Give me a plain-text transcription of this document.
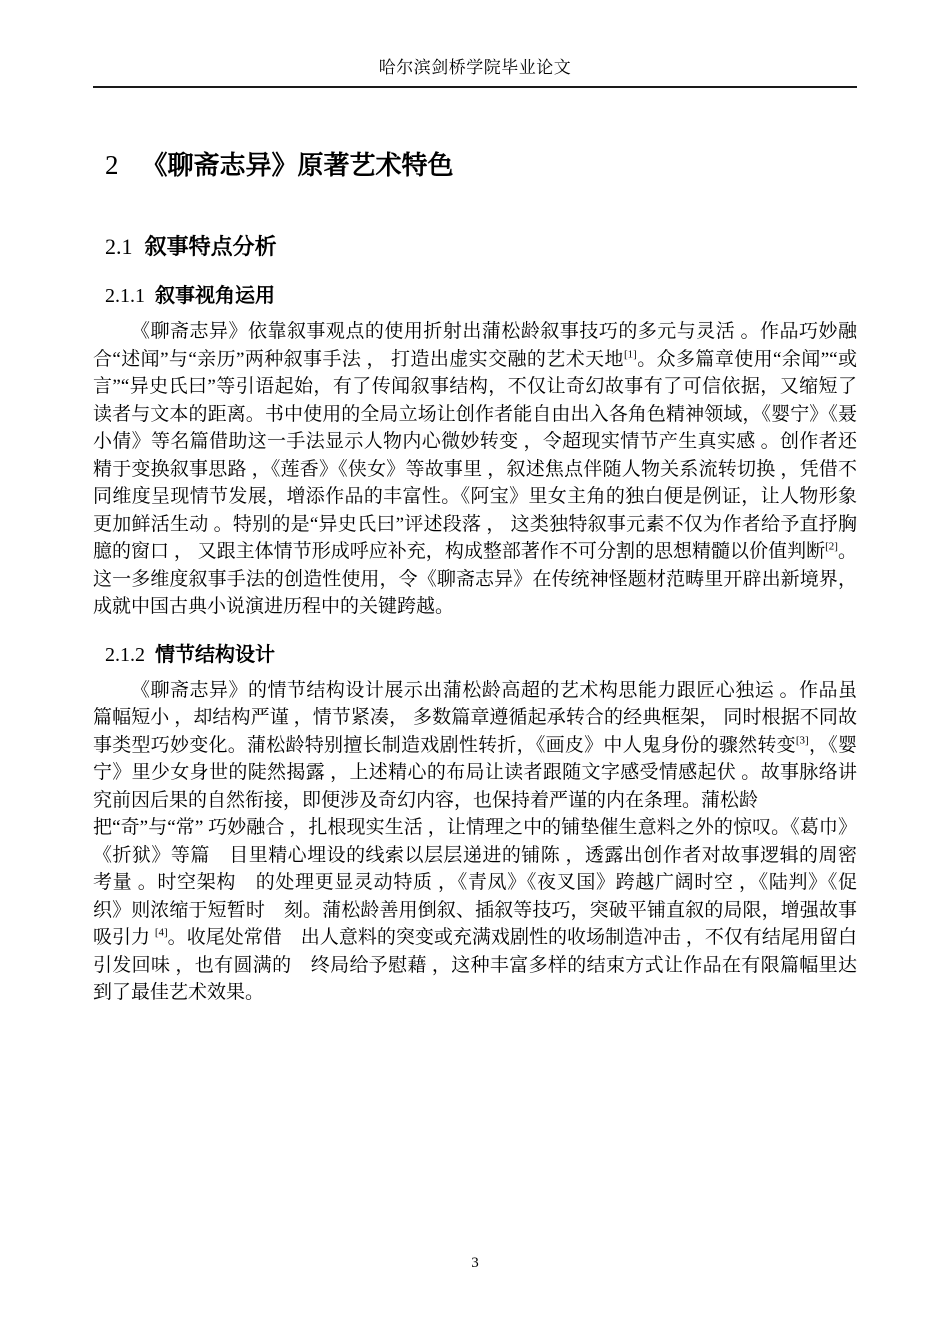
哈尔滨剑桥学院毕业论文
2 《聊斋志异》原著艺术特色
2.1 叙事特点分析
2.1.1 叙事视角运用

《聊斋志异》依靠叙事观点的使用折射出蒲松龄叙事技巧的多元与灵活 。作品巧妙融合“述闻”与“亲历”两种叙事手法 ， 打造出虚实交融的艺术天地[1]。众多篇章使用“余闻”“或言”“异史氏曰”等引语起始，有了传闻叙事结构，不仅让奇幻故事有了可信依据，又缩短了读者与文本的距离。书中使用的全局立场让创作者能自由出入各角色精神领域，《婴宁》《聂小倩》等名篇借助这一手法显示人物内心微妙转变 ，令超现实情节产生真实感 。创作者还精于变换叙事思路 ，《莲香》《侠女》等故事里 ，叙述焦点伴随人物关系流转切换 ，凭借不同维度呈现情节发展，增添作品的丰富性。《阿宝》里女主角的独白便是例证，让人物形象更加鲜活生动 。特别的是“异史氏曰”评述段落 ， 这类独特叙事元素不仅为作者给予直抒胸臆的窗口 ， 又跟主体情节形成呼应补充，构成整部著作不可分割的思想精髓以价值判断[2]。这一多维度叙事手法的创造性使用，令《聊斋志异》在传统神怪题材范畴里开辟出新境界，成就中国古典小说演进历程中的关键跨越。

2.1.2 情节结构设计

《聊斋志异》的情节结构设计展示出蒲松龄高超的艺术构思能力跟匠心独运 。作品虽篇幅短小 ，却结构严谨 ，情节紧凑， 多数篇章遵循起承转合的经典框架， 同时根据不同故事类型巧妙变化。蒲松龄特别擅长制造戏剧性转折，《画皮》中人鬼身份的骤然转变[3]，《婴宁》里少女身世的陡然揭露 ，上述精心的布局让读者跟随文字感受情感起伏 。故事脉络讲究前因后果的自然衔接，即便涉及奇幻内容，也保持着严谨的内在条理。蒲松龄
把“奇”与“常” 巧妙融合 ，扎根现实生活 ，让情理之中的铺垫催生意料之外的惊叹。《葛巾》《折狱》等篇　目里精心埋设的线索以层层递进的铺陈 ，透露出创作者对故事逻辑的周密考量 。时空架构　的处理更显灵动特质 ，《青凤》《夜叉国》跨越广阔时空 ，《陆判》《促织》则浓缩于短暂时　刻。蒲松龄善用倒叙、插叙等技巧，突破平铺直叙的局限，增强故事吸引力 [4]。收尾处常借　出人意料的突变或充满戏剧性的收场制造冲击 ，不仅有结尾用留白引发回味 ，也有圆满的　终局给予慰藉 ，这种丰富多样的结束方式让作品在有限篇幅里达到了最佳艺术效果。

3
